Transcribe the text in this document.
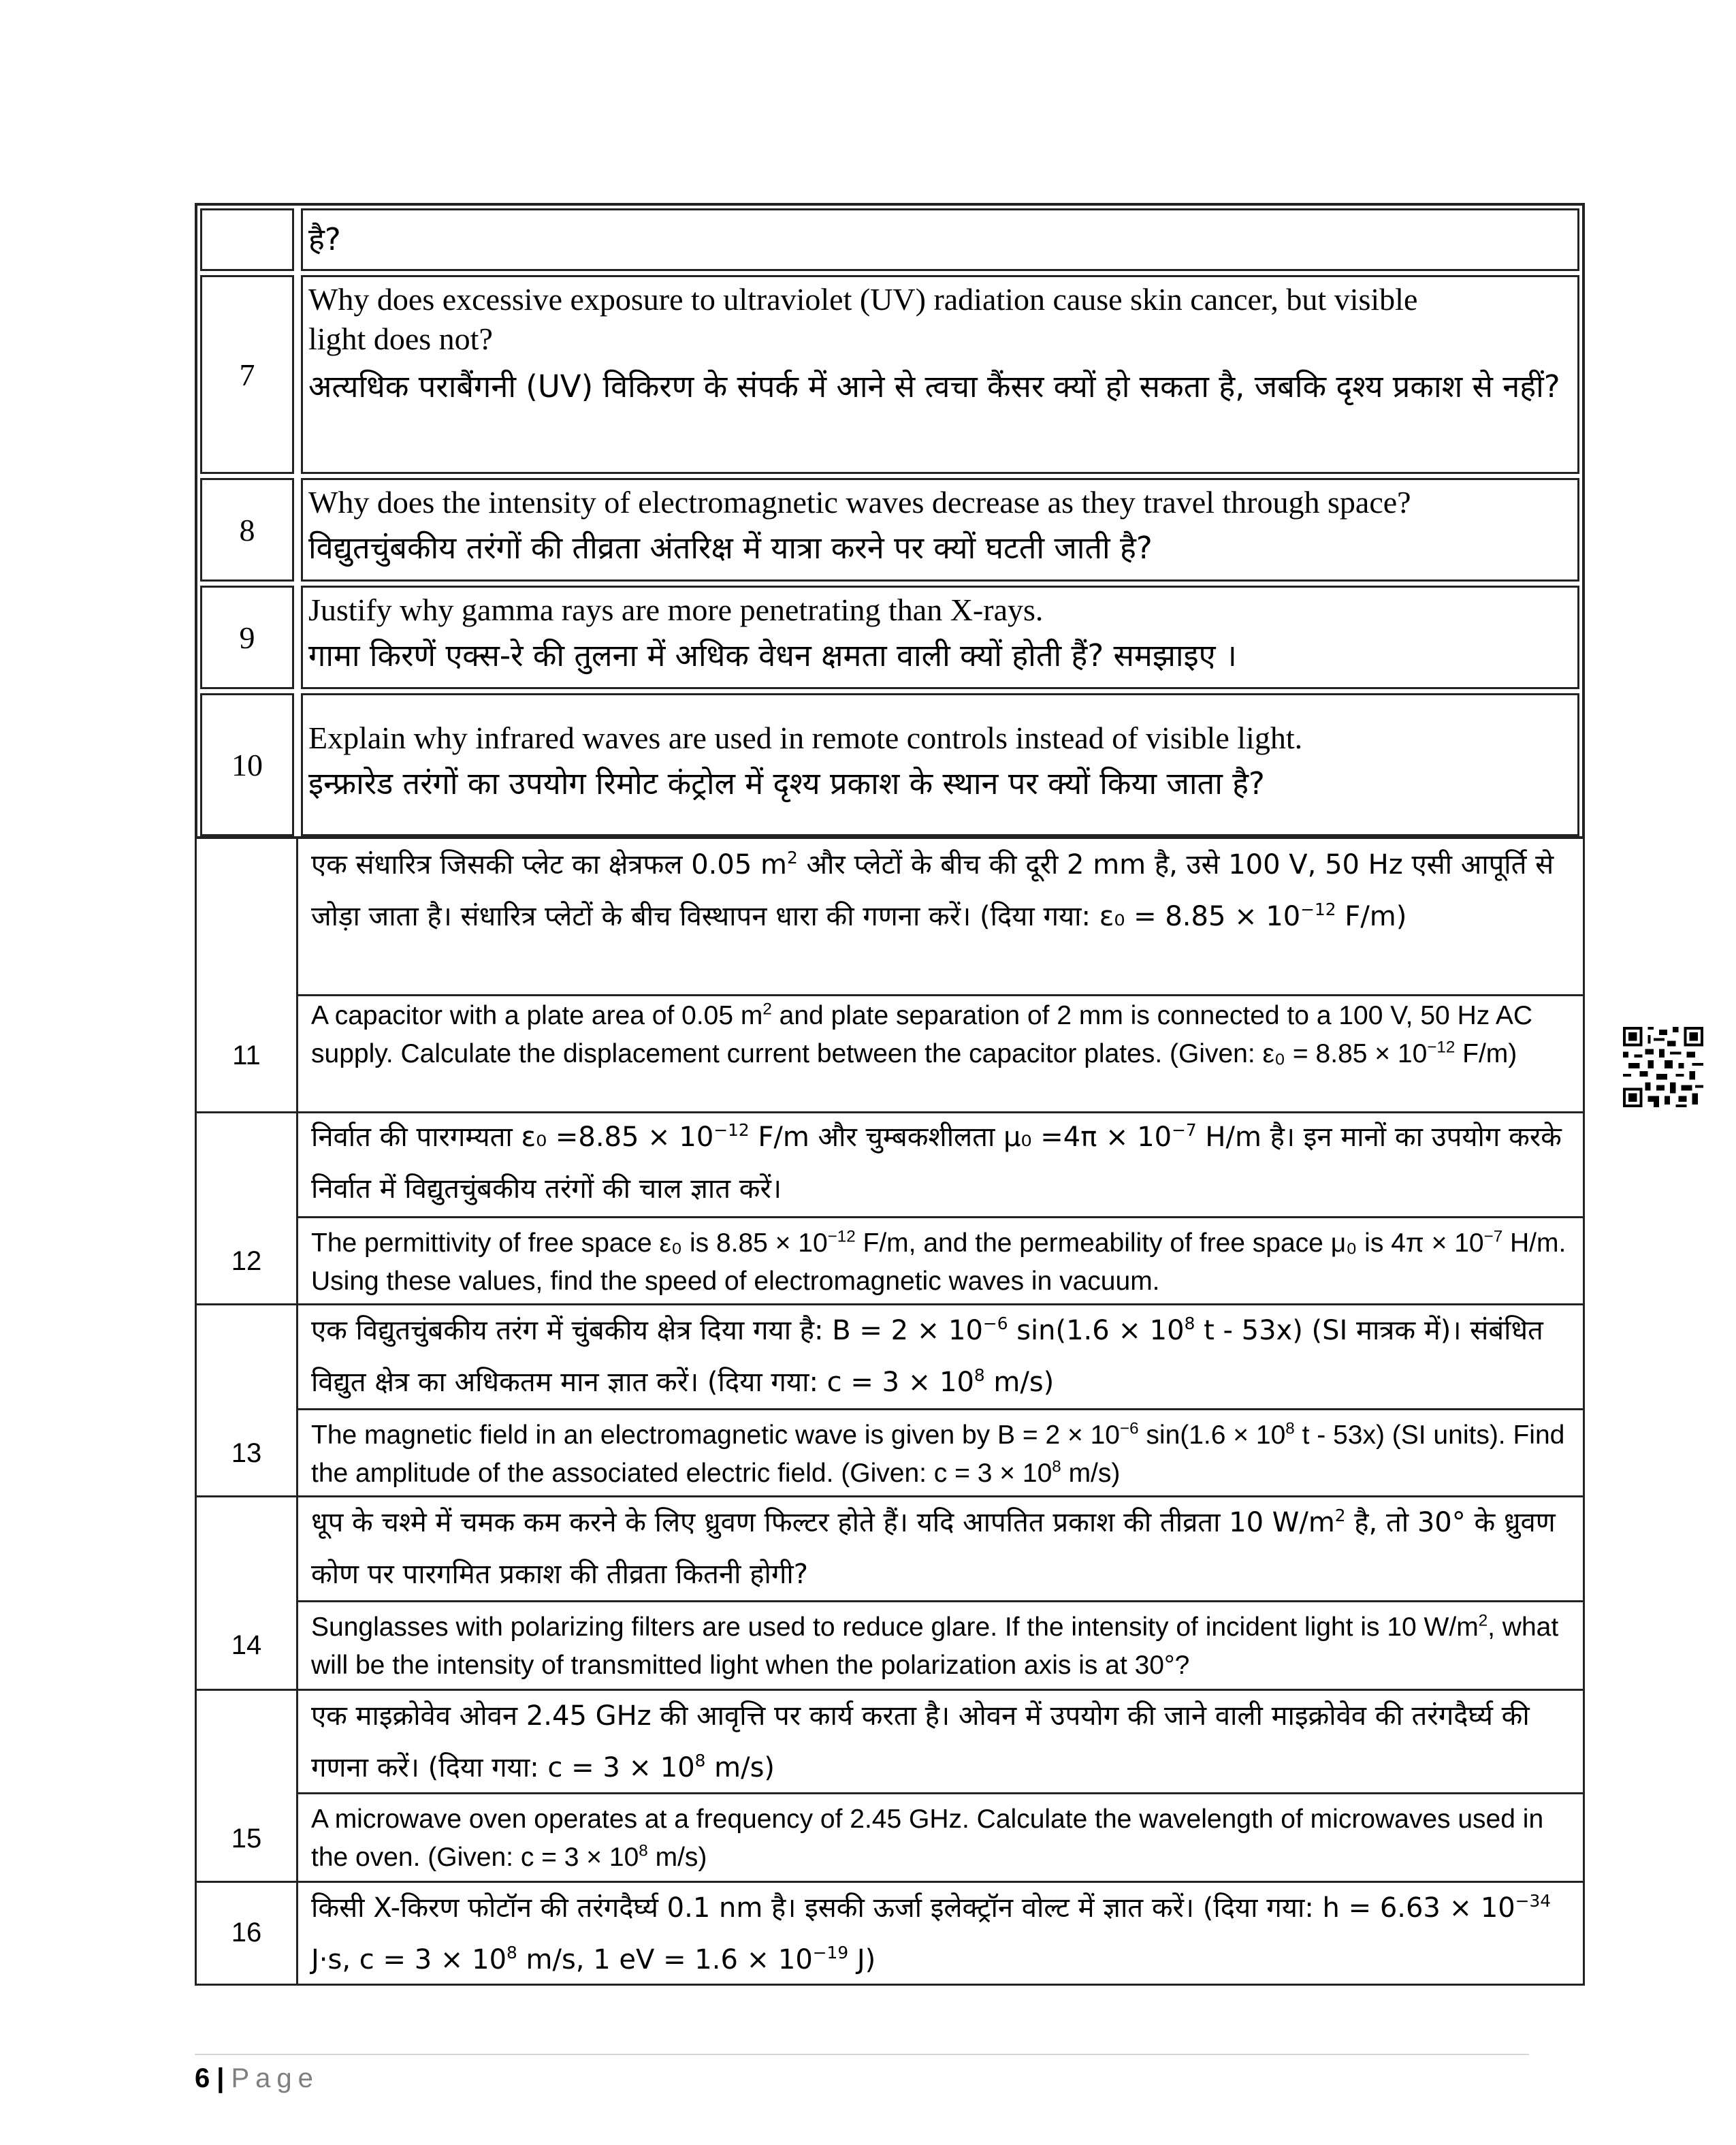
है?
7
Why does excessive exposure to ultraviolet (UV) radiation cause skin cancer, but visible
light does not?
अत्यधिक पराबैंगनी (UV) विकिरण के संपर्क में आने से त्वचा कैंसर क्यों हो सकता है, जबकि दृश्य प्रकाश से नहीं?
8
Why does the intensity of electromagnetic waves decrease as they travel through space?
विद्युतचुंबकीय तरंगों की तीव्रता अंतरिक्ष में यात्रा करने पर क्यों घटती जाती है?
9
Justify why gamma rays are more penetrating than X-rays.
गामा किरणें एक्स-रे की तुलना में अधिक वेधन क्षमता वाली क्यों होती हैं? समझाइए ।
10
Explain why infrared waves are used in remote controls instead of visible light.
इन्फ्रारेड तरंगों का उपयोग रिमोट कंट्रोल में दृश्य प्रकाश के स्थान पर क्यों किया जाता है?
11
एक संधारित्र जिसकी प्लेट का क्षेत्रफल 0.05 $m^2$ और प्लेटों के बीच की दूरी 2 mm है, उसे 100 V, 50 Hz एसी आपूर्ति से जोड़ा जाता है। संधारित्र प्लेटों के बीच विस्थापन धारा की गणना करें। (दिया गया: $\varepsilon_0 = 8.85 \times 10^{-12}$ F/m)
A capacitor with a plate area of 0.05 $m^2$ and plate separation of 2 mm is connected to a 100 V, 50 Hz AC supply. Calculate the displacement current between the capacitor plates. (Given: $\varepsilon_0 = 8.85 \times 10^{-12}$ F/m)
12
निर्वात की पारगम्यता $\varepsilon_0 =8.85 \times 10^{-12}$ F/m और चुम्बकशीलता $\mu_0 =4\pi \times 10^{-7}$ H/m है। इन मानों का उपयोग करके निर्वात में विद्युतचुंबकीय तरंगों की चाल ज्ञात करें।
The permittivity of free space ε₀ is $8.85 \times 10^{-12}$ F/m, and the permeability of free space μ₀ is $4\pi \times 10^{-7}$ H/m. Using these values, find the speed of electromagnetic waves in vacuum.
13
एक विद्युतचुंबकीय तरंग में चुंबकीय क्षेत्र दिया गया है: $B = 2 \times 10^{-6}$ $\sin(1.6 \times 10^8$ t - 53x) (SI मात्रक में)। संबंधित विद्युत क्षेत्र का अधिकतम मान ज्ञात करें। (दिया गया: $c = 3 \times 10^8$ m/s)
The magnetic field in an electromagnetic wave is given by $B = 2 \times 10^{-6}$ $\sin(1.6 \times 10^8$ t - 53x) (SI units). Find the amplitude of the associated electric field. (Given: $c = 3 \times 10^8$ m/s)
14
धूप के चश्मे में चमक कम करने के लिए ध्रुवण फिल्टर होते हैं। यदि आपतित प्रकाश की तीव्रता 10 $W/m^2$ है, तो 30° के ध्रुवण कोण पर पारगमित प्रकाश की तीव्रता कितनी होगी?
Sunglasses with polarizing filters are used to reduce glare. If the intensity of incident light is 10 $W/m^2$, what will be the intensity of transmitted light when the polarization axis is at 30°?
15
एक माइक्रोवेव ओवन 2.45 GHz की आवृत्ति पर कार्य करता है। ओवन में उपयोग की जाने वाली माइक्रोवेव की तरंगदैर्घ्य की गणना करें। (दिया गया: $c = 3 \times 10^8$ m/s)
A microwave oven operates at a frequency of 2.45 GHz. Calculate the wavelength of microwaves used in the oven. (Given: $c = 3 \times 10^8$ m/s)
16
किसी X-किरण फोटॉन की तरंगदैर्घ्य 0.1 nm है। इसकी ऊर्जा इलेक्ट्रॉन वोल्ट में ज्ञात करें। (दिया गया: $h = 6.63 \times 10^{-34}$ J·s, $c = 3 \times 10^8$ m/s, 1 eV = $1.6 \times 10^{-19}$ J)
6 | Page
